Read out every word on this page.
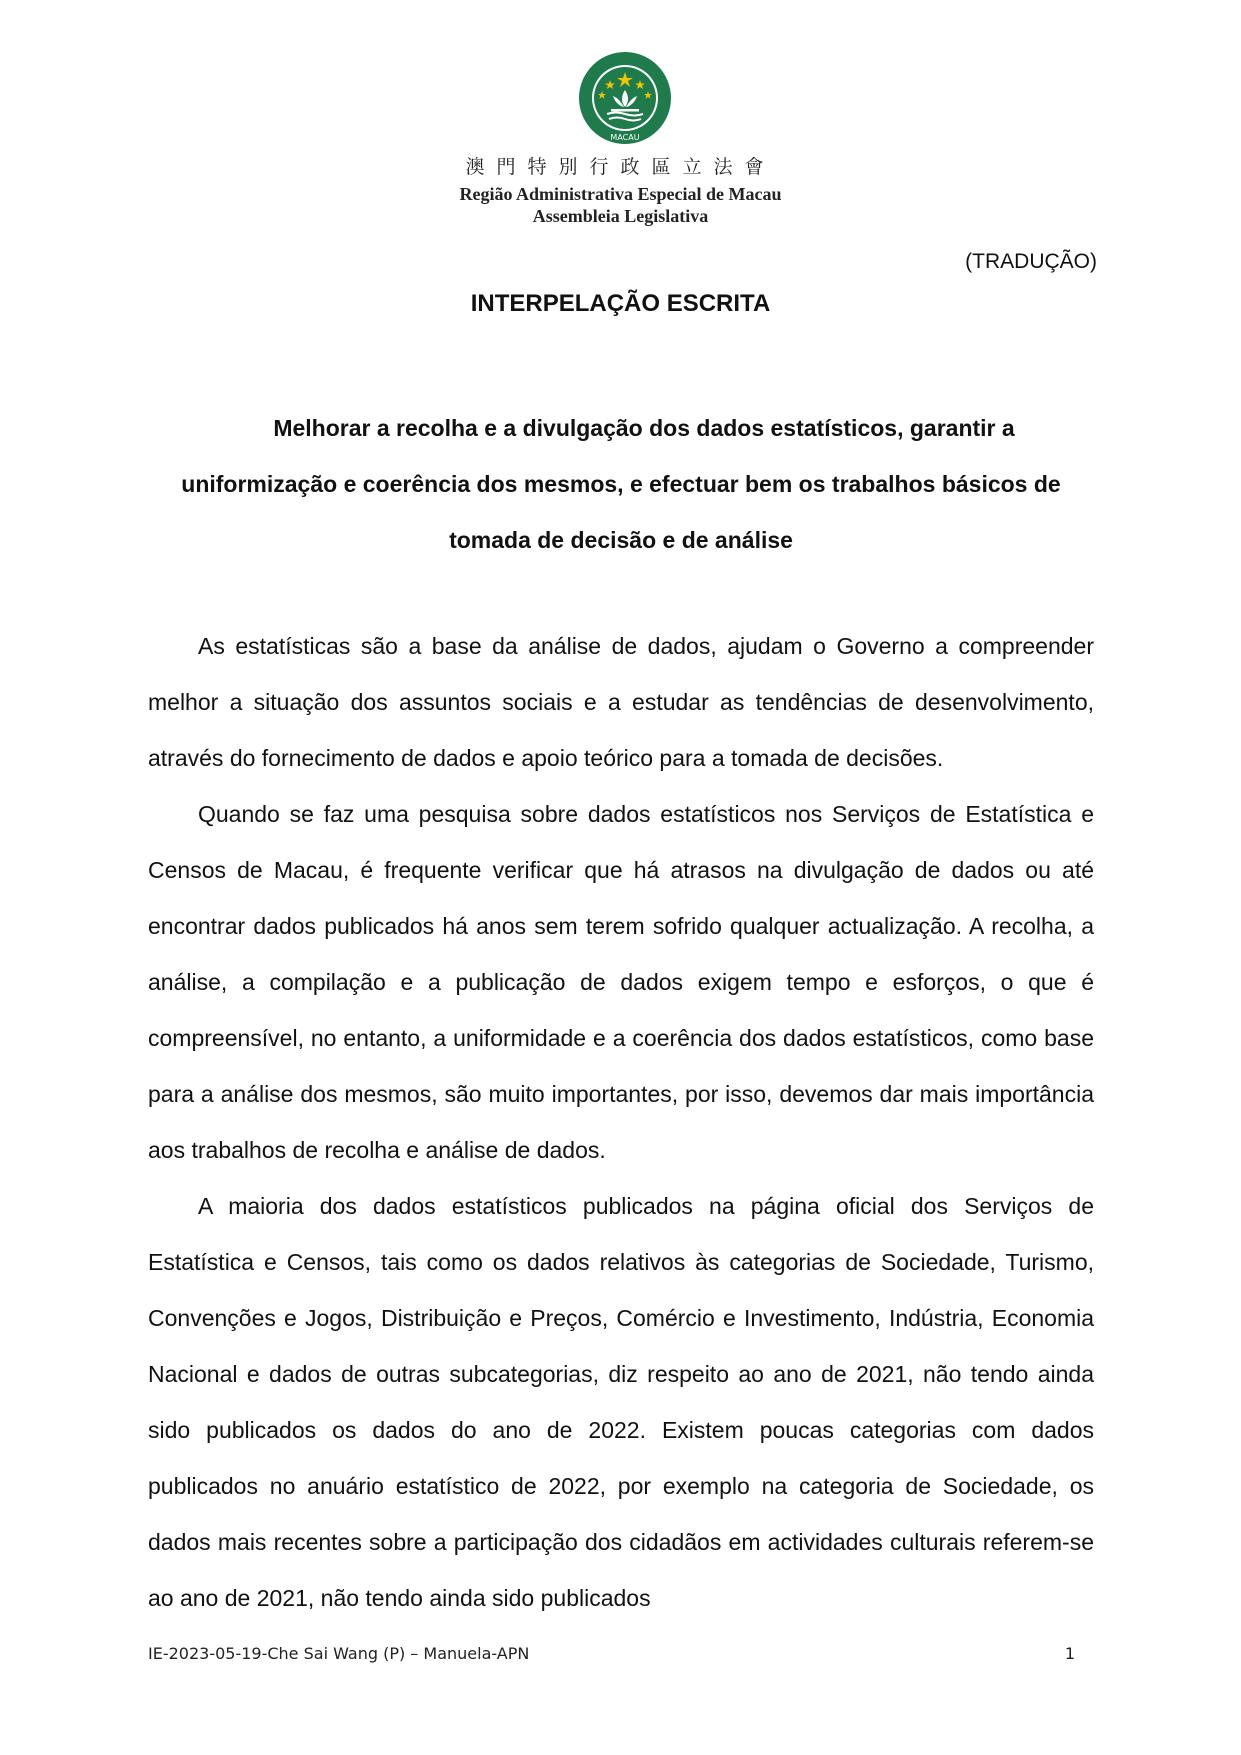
MACAU
澳門特別行政區立法會
Região Administrativa Especial de Macau
Assembleia Legislativa
(TRADUÇÃO)
INTERPELAÇÃO ESCRITA
Melhorar a recolha e a divulgação dos dados estatísticos, garantir a uniformização e coerência dos mesmos, e efectuar bem os trabalhos básicos de tomada de decisão e de análise

As estatísticas são a base da análise de dados, ajudam o Governo a compreender melhor a situação dos assuntos sociais e a estudar as tendências de desenvolvimento, através do fornecimento de dados e apoio teórico para a tomada de decisões.

Quando se faz uma pesquisa sobre dados estatísticos nos Serviços de Estatística e Censos de Macau, é frequente verificar que há atrasos na divulgação de dados ou até encontrar dados publicados há anos sem terem sofrido qualquer actualização. A recolha, a análise, a compilação e a publicação de dados exigem tempo e esforços, o que é compreensível, no entanto, a uniformidade e a coerência dos dados estatísticos, como base para a análise dos mesmos, são muito importantes, por isso, devemos dar mais importância aos trabalhos de recolha e análise de dados.

A maioria dos dados estatísticos publicados na página oficial dos Serviços de Estatística e Censos, tais como os dados relativos às categorias de Sociedade, Turismo, Convenções e Jogos, Distribuição e Preços, Comércio e Investimento, Indústria, Economia Nacional e dados de outras subcategorias, diz respeito ao ano de 2021, não tendo ainda sido publicados os dados do ano de 2022. Existem poucas categorias com dados publicados no anuário estatístico de 2022, por exemplo na categoria de Sociedade, os dados mais recentes sobre a participação dos cidadãos em actividades culturais referem-se ao ano de 2021, não tendo ainda sido publicados

IE-2023-05-19-Che Sai Wang (P) – Manuela-APN	1
